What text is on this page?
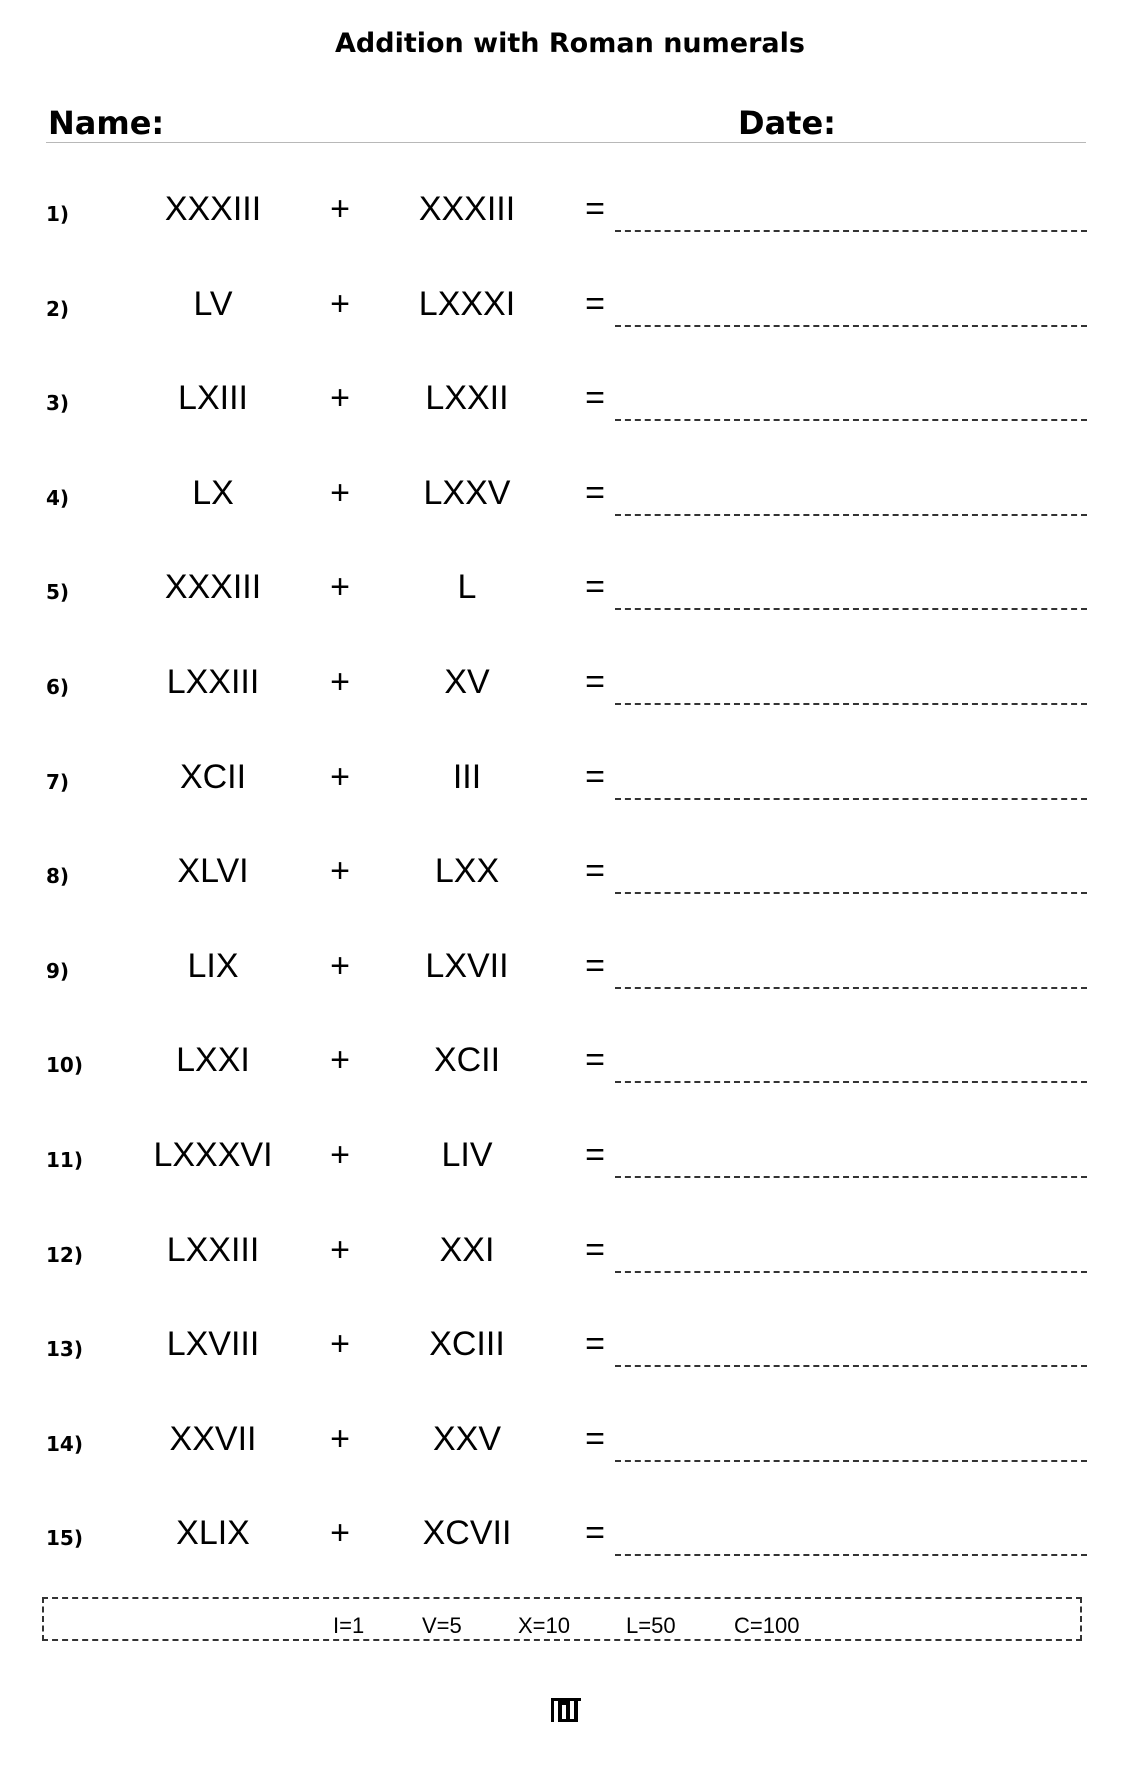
Addition with Roman numerals
Name:	Date:
1)	XXXIII	+	XXXIII	=
2)	LV	+	LXXXI	=
3)	LXIII	+	LXXII	=
4)	LX	+	LXXV	=
5)	XXXIII	+	L	=
6)	LXXIII	+	XV	=
7)	XCII	+	III	=
8)	XLVI	+	LXX	=
9)	LIX	+	LXVII	=
10)	LXXI	+	XCII	=
11)	LXXXVI	+	LIV	=
12)	LXXIII	+	XXI	=
13)	LXVIII	+	XCIII	=
14)	XXVII	+	XXV	=
15)	XLIX	+	XCVII	=
I=1	V=5	X=10	L=50	C=100
